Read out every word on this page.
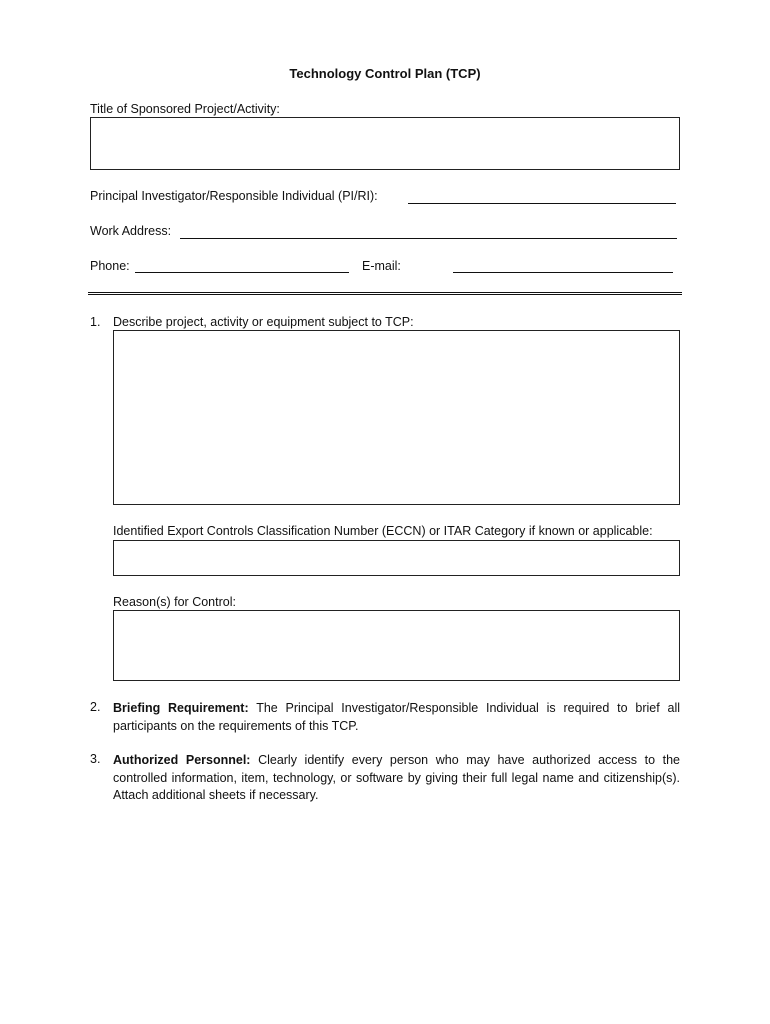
Technology Control Plan (TCP)
Title of Sponsored Project/Activity:
Principal Investigator/Responsible Individual (PI/RI):
Work Address:
Phone:	E-mail:
1. Describe project, activity or equipment subject to TCP:
Identified Export Controls Classification Number (ECCN) or ITAR Category if known or applicable:
Reason(s) for Control:
2. Briefing Requirement: The Principal Investigator/Responsible Individual is required to brief all participants on the requirements of this TCP.
3. Authorized Personnel: Clearly identify every person who may have authorized access to the controlled information, item, technology, or software by giving their full legal name and citizenship(s). Attach additional sheets if necessary.
